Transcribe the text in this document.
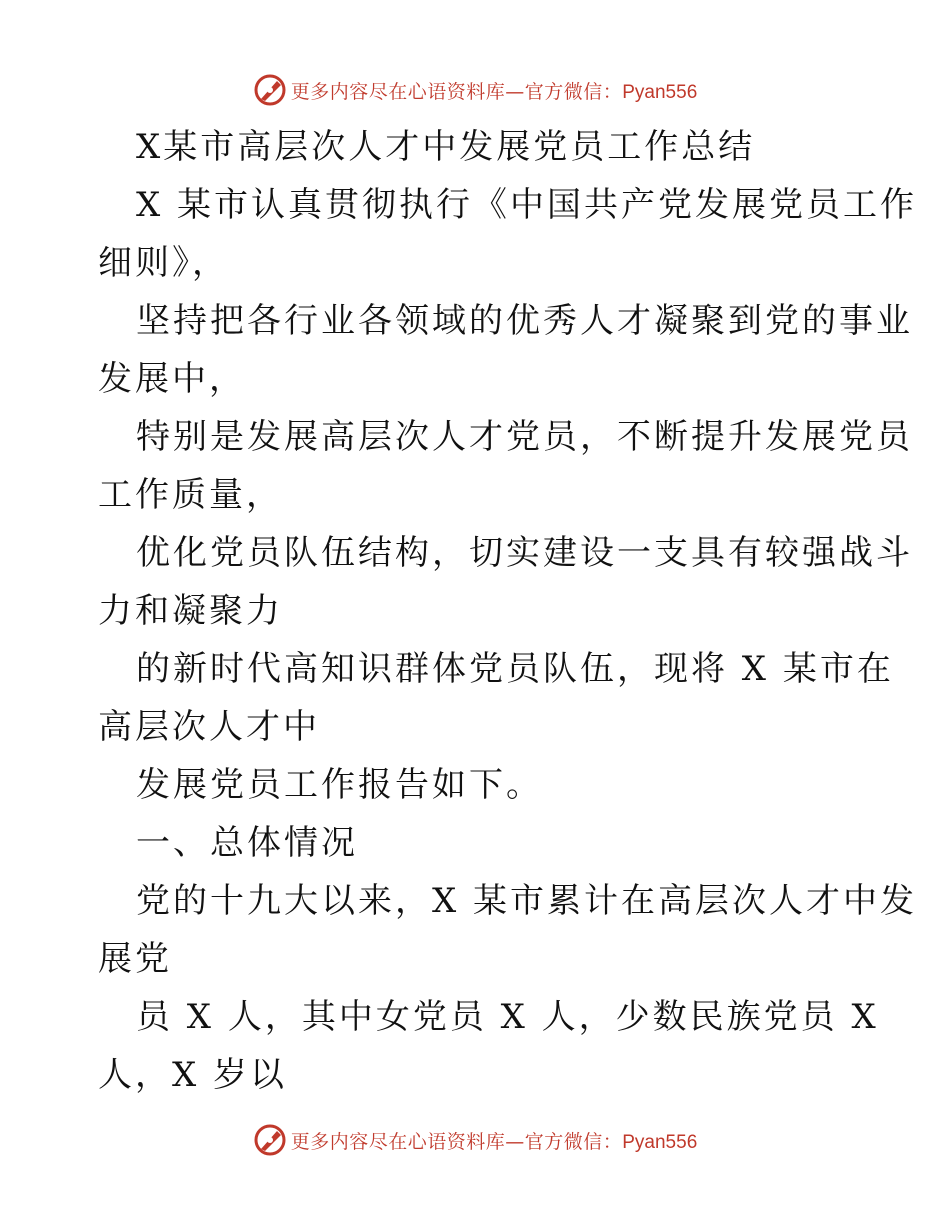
更多内容尽在心语资料库—官方微信：Pyan556
X某市高层次人才中发展党员工作总结
X 某市认真贯彻执行《中国共产党发展党员工作
细则》，
坚持把各行业各领域的优秀人才凝聚到党的事业
发展中，
特别是发展高层次人才党员，不断提升发展党员
工作质量，
优化党员队伍结构，切实建设一支具有较强战斗
力和凝聚力
的新时代高知识群体党员队伍，现将 X 某市在
高层次人才中
发展党员工作报告如下。
一、总体情况
党的十九大以来，X 某市累计在高层次人才中发
展党
员 X 人，其中女党员 X 人，少数民族党员 X
人，X 岁以
更多内容尽在心语资料库—官方微信：Pyan556
